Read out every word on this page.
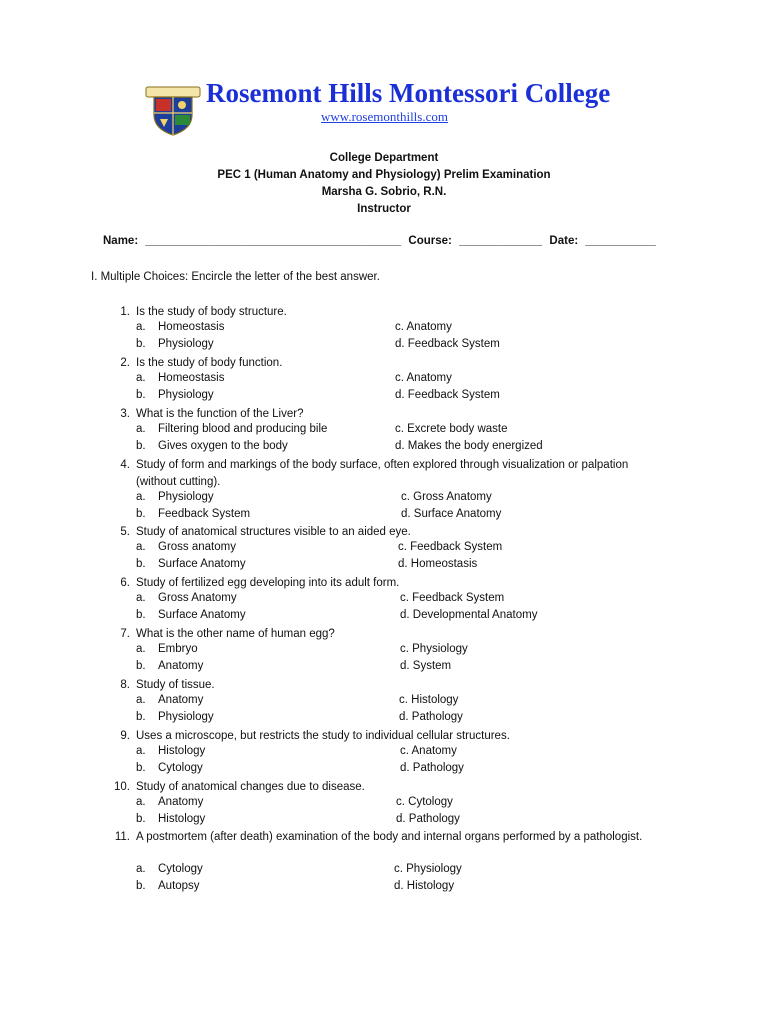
Rosemont Hills Montessori College
www.rosemonthills.com
College Department
PEC 1 (Human Anatomy and Physiology) Prelim Examination
Marsha G. Sobrio, R.N.
Instructor
Name: ________________________________________ Course: _____________ Date: ___________
I. Multiple Choices: Encircle the letter of the best answer.
1. Is the study of body structure.
a. Homeostasis
b. Physiology
c. Anatomy
d. Feedback System
2. Is the study of body function.
a. Homeostasis
b. Physiology
c. Anatomy
d. Feedback System
3. What is the function of the Liver?
a. Filtering blood and producing bile
b. Gives oxygen to the body
c. Excrete body waste
d. Makes the body energized
4. Study of form and markings of the body surface, often explored through visualization or palpation (without cutting).
a. Physiology
b. Feedback System
c. Gross Anatomy
d. Surface Anatomy
5. Study of anatomical structures visible to an aided eye.
a. Gross anatomy
b. Surface Anatomy
c. Feedback System
d. Homeostasis
6. Study of fertilized egg developing into its adult form.
a. Gross Anatomy
b. Surface Anatomy
c. Feedback System
d. Developmental Anatomy
7. What is the other name of human egg?
a. Embryo
b. Anatomy
c. Physiology
d. System
8. Study of tissue.
a. Anatomy
b. Physiology
c. Histology
d. Pathology
9. Uses a microscope, but restricts the study to individual cellular structures.
a. Histology
b. Cytology
c. Anatomy
d. Pathology
10. Study of anatomical changes due to disease.
a. Anatomy
b. Histology
c. Cytology
d. Pathology
11. A postmortem (after death) examination of the body and internal organs performed by a pathologist.
a. Cytology
b. Autopsy
c. Physiology
d. Histology
